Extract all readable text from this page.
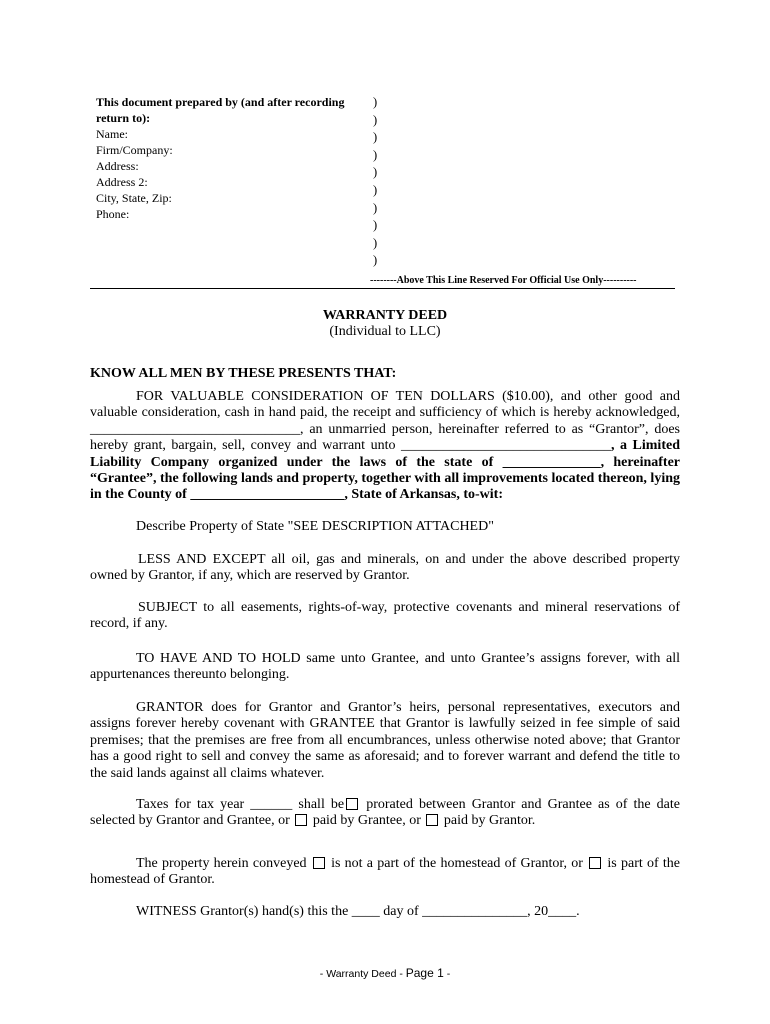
This document prepared by (and after recording
return to):
Name:
Firm/Company:
Address:
Address 2:
City, State, Zip:
Phone:
)
)
)
)
)
)
)
)
)
)
--------Above This Line Reserved For Official Use Only----------
WARRANTY DEED
(Individual to LLC)
KNOW ALL MEN BY THESE PRESENTS THAT:
FOR VALUABLE CONSIDERATION OF TEN DOLLARS ($10.00), and other good and valuable consideration, cash in hand paid, the receipt and sufficiency of which is hereby acknowledged, ______________________________, an unmarried person, hereinafter referred to as “Grantor”, does hereby grant, bargain, sell, convey and warrant unto ______________________________, a Limited Liability Company organized under the laws of the state of ______________, hereinafter “Grantee”, the following lands and property, together with all improvements located thereon, lying in the County of ______________________, State of Arkansas, to-wit:
Describe Property of State "SEE DESCRIPTION ATTACHED"
LESS AND EXCEPT all oil, gas and minerals, on and under the above described property owned by Grantor, if any, which are reserved by Grantor.
SUBJECT to all easements, rights-of-way, protective covenants and mineral reservations of record, if any.
TO HAVE AND TO HOLD same unto Grantee, and unto Grantee’s assigns forever, with all appurtenances thereunto belonging.
GRANTOR does for Grantor and Grantor’s heirs, personal representatives, executors and assigns forever hereby covenant with GRANTEE that Grantor is lawfully seized in fee simple of said premises; that the premises are free from all encumbrances, unless otherwise noted above; that Grantor has a good right to sell and convey the same as aforesaid; and to forever warrant and defend the title to the said lands against all claims whatever.
Taxes for tax year ______ shall be prorated between Grantor and Grantee as of the date selected by Grantor and Grantee, or paid by Grantee, or paid by Grantor.
The property herein conveyed is not a part of the homestead of Grantor, or is part of the homestead of Grantor.
WITNESS Grantor(s) hand(s) this the ____ day of _______________, 20____.
- Warranty Deed - Page 1 -
